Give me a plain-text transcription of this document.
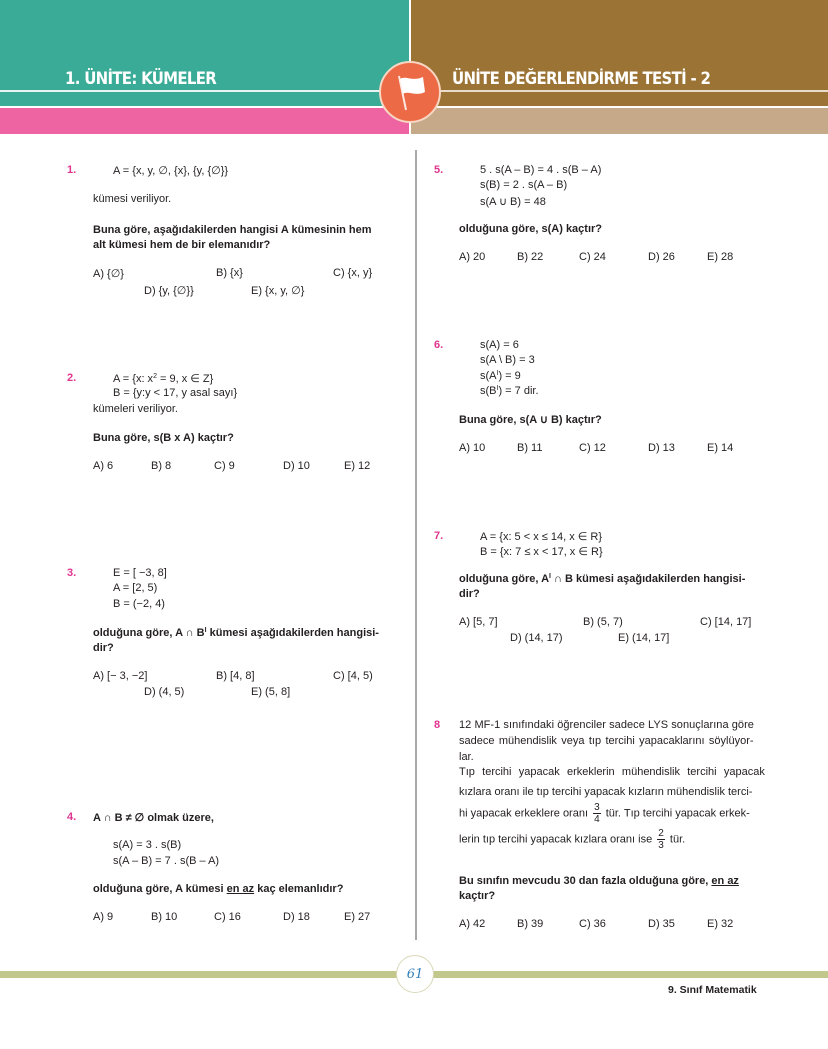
1. ÜNİTE: KÜMELER	ÜNİTE DEĞERLENDİRME TESTİ - 2
1.	A = {x, y, ∅, {x}, {y, {∅}}
kümesi veriliyor.
Buna göre, aşağıdakilerden hangisi A kümesinin hem
alt kümesi hem de bir elemanıdır?
A) {∅}	B) {x}	C) {x, y}
D) {y, {∅}}	E) {x, y, ∅}
2.	A = {x: $x^2 = 9$, x ∈ Z}
B = {y:y < 17, y asal sayı}
kümeleri veriliyor.
Buna göre, s(B x A) kaçtır?
A) 6	B) 8	C) 9	D) 10	E) 12
3.	E = [ −3, 8]
A = [2, 5)
B = (−2, 4)
olduğuna göre, A ∩ $B^I$ kümesi aşağıdakilerden hangisi-
dir?
A) [− 3, −2]	B) [4, 8]	C) [4, 5)
D) (4, 5)	E) (5, 8]
4. A ∩ B ≠ ∅ olmak üzere,
s(A) = 3 . s(B)
s(A – B) = 7 . s(B – A)
olduğuna göre, A kümesi en az kaç elemanlıdır?
A) 9	B) 10	C) 16	D) 18	E) 27
5.	5 . s(A – B) = 4 . s(B – A)
s(B) = 2 . s(A – B)
s(A ∪ B) = 48
olduğuna göre, s(A) kaçtır?
A) 20	B) 22	C) 24	D) 26	E) 28
6.	s(A) = 6
s(A \ B) = 3
$s(A^I) = 9$
$s(B^I) = 7$ dir.
Buna göre, s(A ∪ B) kaçtır?
A) 10	B) 11	C) 12	D) 13	E) 14
7.	A = {x: 5 < x ≤ 14, x ∈ R}
B = {x: 7 ≤ x < 17, x ∈ R}
olduğuna göre, $A^I$ ∩ B kümesi aşağıdakilerden hangisi-
dir?
A) [5, 7]	B) (5, 7)	C) [14, 17]
D) (14, 17)	E) (14, 17]
8 12 MF-1 sınıfındaki öğrenciler sadece LYS sonuçlarına göre
sadece mühendislik veya tıp tercihi yapacaklarını söylüyor-
lar.
Tıp tercihi yapacak erkeklerin mühendislik tercihi yapacak
kızlara oranı ile tıp tercihi yapacak kızların mühendislik terci-
hi yapacak erkeklere oranı $\frac{3}{4}$ tür. Tıp tercihi yapacak erkek-
lerin tıp tercihi yapacak kızlara oranı ise $\frac{2}{3}$ tür.
Bu sınıfın mevcudu 30 dan fazla olduğuna göre, en az
kaçtır?
A) 42	B) 39	C) 36	D) 35	E) 32
61
9. Sınıf Matematik
